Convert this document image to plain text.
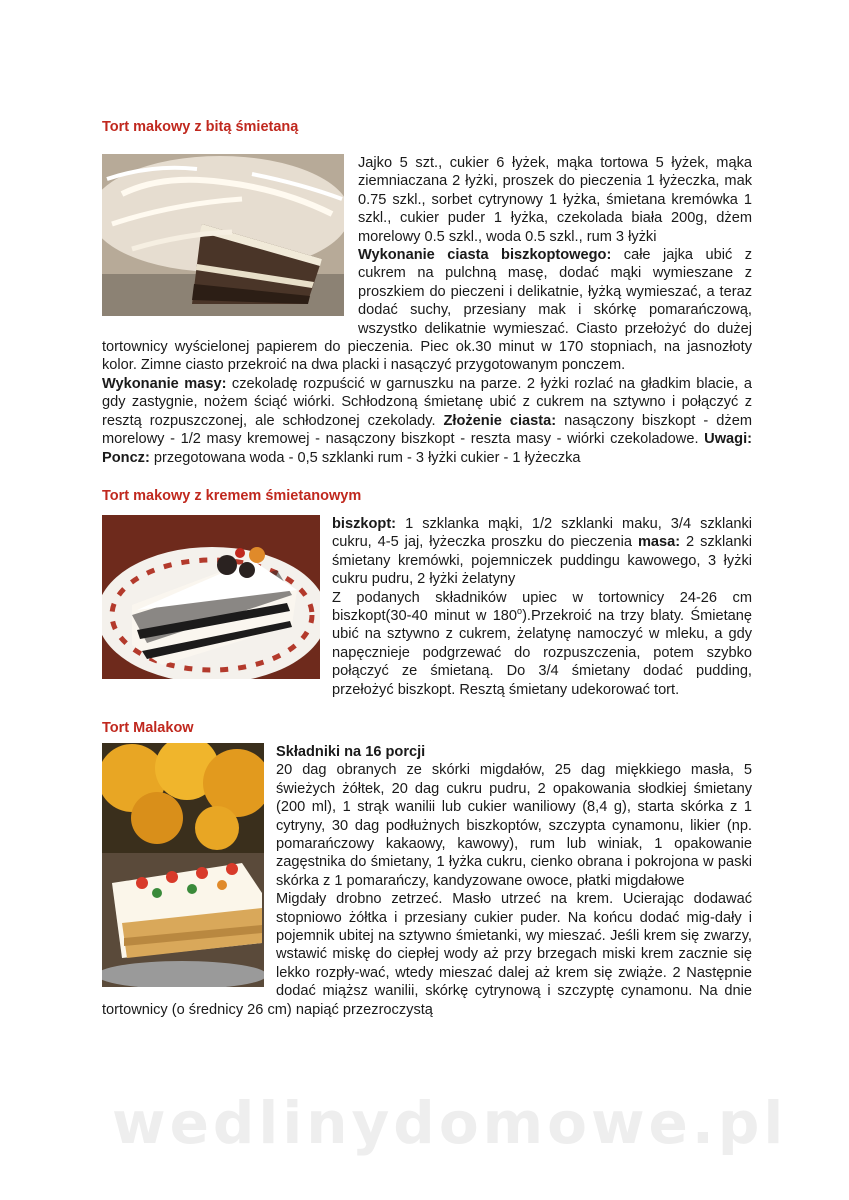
Tort makowy z bitą śmietaną

Jajko 5 szt., cukier 6 łyżek, mąka tortowa 5 łyżek, mąka ziemniaczana 2 łyżki, proszek do pieczenia 1 łyżeczka, mak 0.75 szkl., sorbet cytrynowy 1 łyżka, śmietana kremówka 1 szkl., cukier puder 1 łyżka, czekolada biała 200g, dżem morelowy 0.5 szkl., woda 0.5 szkl., rum 3 łyżki

Wykonanie ciasta biszkoptowego: całe jajka ubić z cukrem na pulchną masę, dodać mąki wymieszane z proszkiem do pieczeni i delikatnie, łyżką wymieszać, a teraz dodać suchy, przesiany mak i skórkę pomarańczową, wszystko delikatnie wymieszać. Ciasto przełożyć do dużej tortownicy wyścielonej papierem do pieczenia. Piec ok.30 minut w 170 stopniach, na jasnozłoty kolor. Zimne ciasto przekroić na dwa placki i nasączyć przygotowanym ponczem.

Wykonanie masy: czekoladę rozpuścić w garnuszku na parze. 2 łyżki rozlać na gładkim blacie, a gdy zastygnie, nożem ściąć wiórki. Schłodzoną śmietanę ubić z cukrem na sztywno i połączyć z resztą rozpuszczonej, ale schłodzonej czekolady. Złożenie ciasta: nasączony biszkopt - dżem morelowy - 1/2 masy kremowej - nasączony biszkopt - reszta masy - wiórki czekoladowe. Uwagi: Poncz: przegotowana woda - 0,5 szklanki rum - 3 łyżki cukier - 1 łyżeczka

Tort makowy z kremem śmietanowym

biszkopt: 1 szklanka mąki, 1/2 szklanki maku, 3/4 szklanki cukru, 4-5 jaj, łyżeczka proszku do pieczenia masa: 2 szklanki śmietany kremówki, pojemniczek puddingu kawowego, 3 łyżki cukru pudru, 2 łyżki żelatyny

Z podanych składników upiec w tortownicy 24-26 cm biszkopt(30-40 minut w 180$^o$).Przekroić na trzy blaty. Śmietanę ubić na sztywno z cukrem, żelatynę namoczyć w mleku, a gdy napęcznieje podgrzewać do rozpuszczenia, potem szybko połączyć ze śmietaną. Do 3/4 śmietany dodać pudding, przełożyć biszkopt. Resztą śmietany udekorować tort.

Tort Malakow

Składniki na 16 porcji

20 dag obranych ze skórki migdałów, 25 dag miękkiego masła, 5 świeżych żółtek, 20 dag cukru pudru, 2 opakowania słodkiej śmietany (200 ml), 1 strąk wanilii lub cukier waniliowy (8,4 g), starta skórka z 1 cytryny, 30 dag podłużnych biszkoptów, szczypta cynamonu, likier (np. pomarańczowy kakaowy, kawowy), rum lub winiak, 1 opakowanie zagęstnika do śmietany, 1 łyżka cukru, cienko obrana i pokrojona w paski skórka z 1 pomarańczy, kandyzowane owoce, płatki migdałowe

Migdały drobno zetrzeć. Masło utrzeć na krem. Ucierając dodawać stopniowo żółtka i przesiany cukier puder. Na końcu dodać mig-dały i pojemnik ubitej na sztywno śmietanki, wy mieszać. Jeśli krem się zwarzy, wstawić miskę do ciepłej wody aż przy brzegach miski krem zacznie się lekko rozpły-wać, wtedy mieszać dalej aż krem się zwiąże. 2 Następnie dodać miąższ wanilii, skórkę cytrynową i szczyptę cynamonu. Na dnie tortownicy (o średnicy 26 cm) napiąć przezroczystą

wedlinydomowe.pl
